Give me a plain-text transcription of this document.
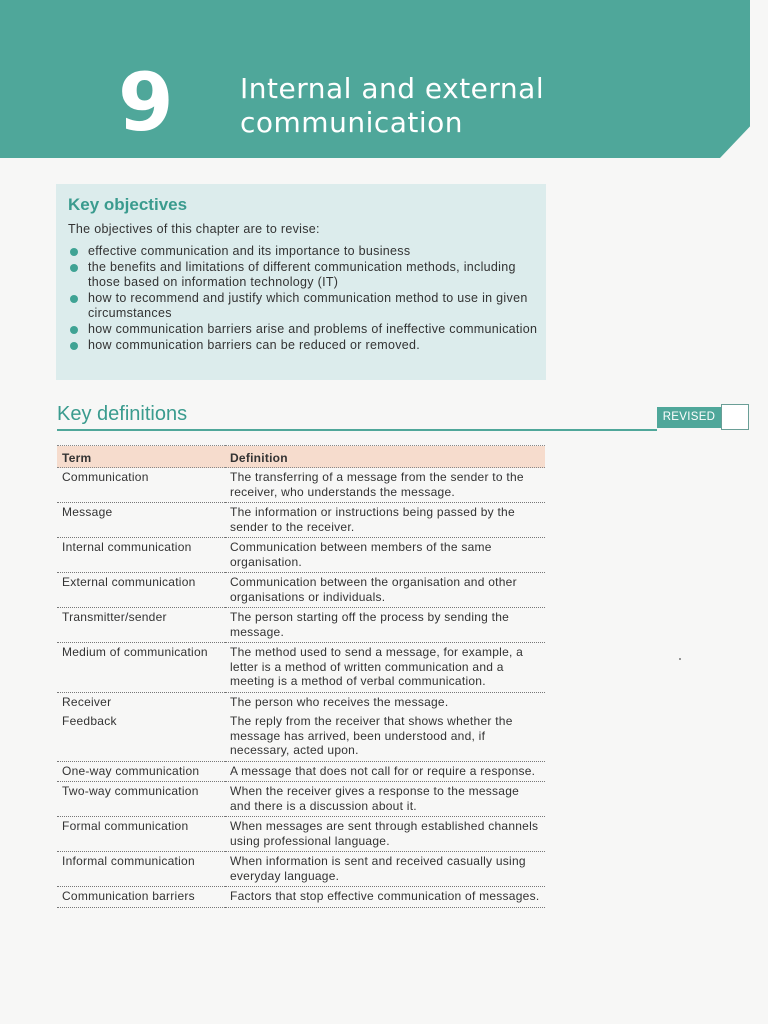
9	Internal and external
communication
Key objectives
The objectives of this chapter are to revise:
effective communication and its importance to business
the benefits and limitations of different communication methods, including those based on information technology (IT)
how to recommend and justify which communication method to use in given circumstances
how communication barriers arise and problems of ineffective communication
how communication barriers can be reduced or removed.
Key definitions	REVISED
Term	Definition
Communication	The transferring of a message from the sender to the receiver, who understands the message.
Message	The information or instructions being passed by the sender to the receiver.
Internal communication	Communication between members of the same organisation.
External communication	Communication between the organisation and other organisations or individuals.
Transmitter/sender	The person starting off the process by sending the message.
Medium of communication	The method used to send a message, for example, a letter is a method of written communication and a meeting is a method of verbal communication.
Receiver	The person who receives the message.
Feedback	The reply from the receiver that shows whether the message has arrived, been understood and, if necessary, acted upon.
One-way communication	A message that does not call for or require a response.
Two-way communication	When the receiver gives a response to the message and there is a discussion about it.
Formal communication	When messages are sent through established channels using professional language.
Informal communication	When information is sent and received casually using everyday language.
Communication barriers	Factors that stop effective communication of messages.
